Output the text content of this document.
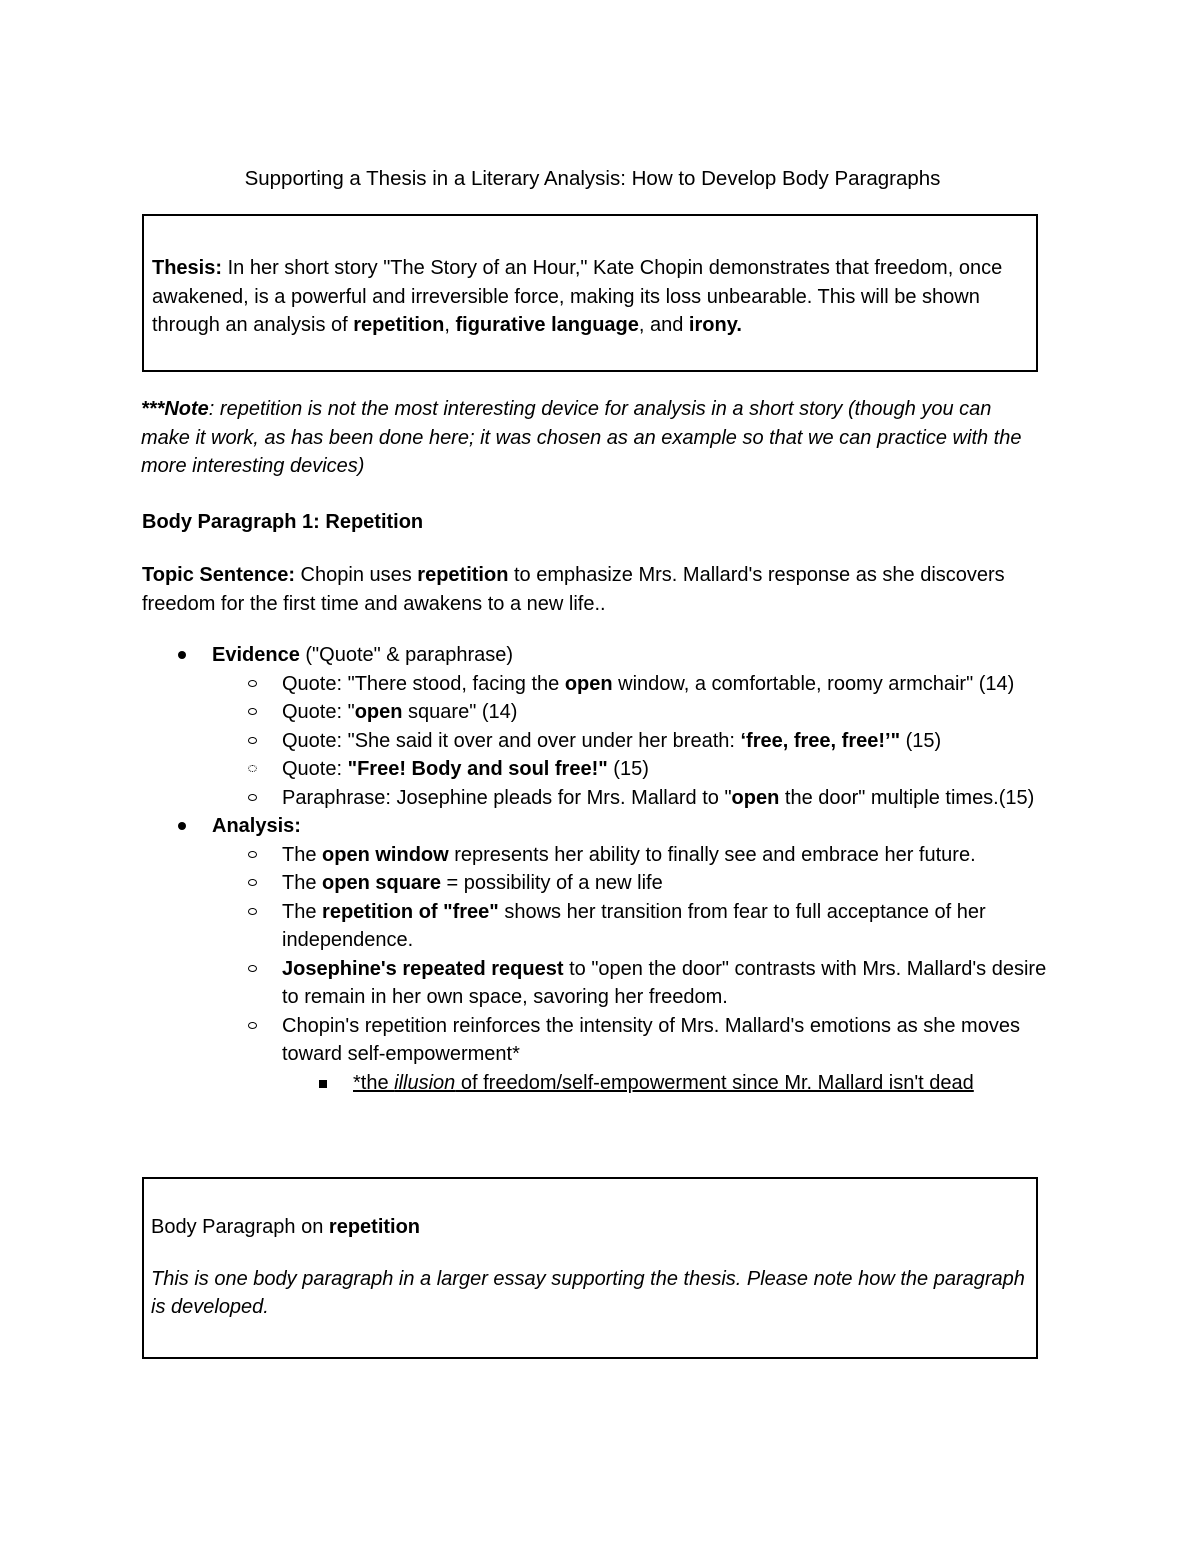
Supporting a Thesis in a Literary Analysis: How to Develop Body Paragraphs
Thesis: In her short story "The Story of an Hour," Kate Chopin demonstrates that freedom, once awakened, is a powerful and irreversible force, making its loss unbearable. This will be shown through an analysis of repetition, figurative language, and irony.
***Note: repetition is not the most interesting device for analysis in a short story (though you can make it work, as has been done here; it was chosen as an example so that we can practice with the more interesting devices)
Body Paragraph 1: Repetition
Topic Sentence: Chopin uses repetition to emphasize Mrs. Mallard's response as she discovers freedom for the first time and awakens to a new life..
Evidence ("Quote" & paraphrase)
Quote: "There stood, facing the open window, a comfortable, roomy armchair" (14)
Quote: "open square" (14)
Quote: "She said it over and over under her breath: ‘free, free, free!’" (15)
Quote: "Free! Body and soul free!" (15)
Paraphrase: Josephine pleads for Mrs. Mallard to "open the door" multiple times.(15)
Analysis:
The open window represents her ability to finally see and embrace her future.
The open square = possibility of a new life
The repetition of "free" shows her transition from fear to full acceptance of her independence.
Josephine's repeated request to "open the door" contrasts with Mrs. Mallard's desire to remain in her own space, savoring her freedom.
Chopin's repetition reinforces the intensity of Mrs. Mallard's emotions as she moves toward self-empowerment*
*the illusion of freedom/self-empowerment since Mr. Mallard isn't dead
Body Paragraph on repetition
This is one body paragraph in a larger essay supporting the thesis. Please note how the paragraph is developed.
